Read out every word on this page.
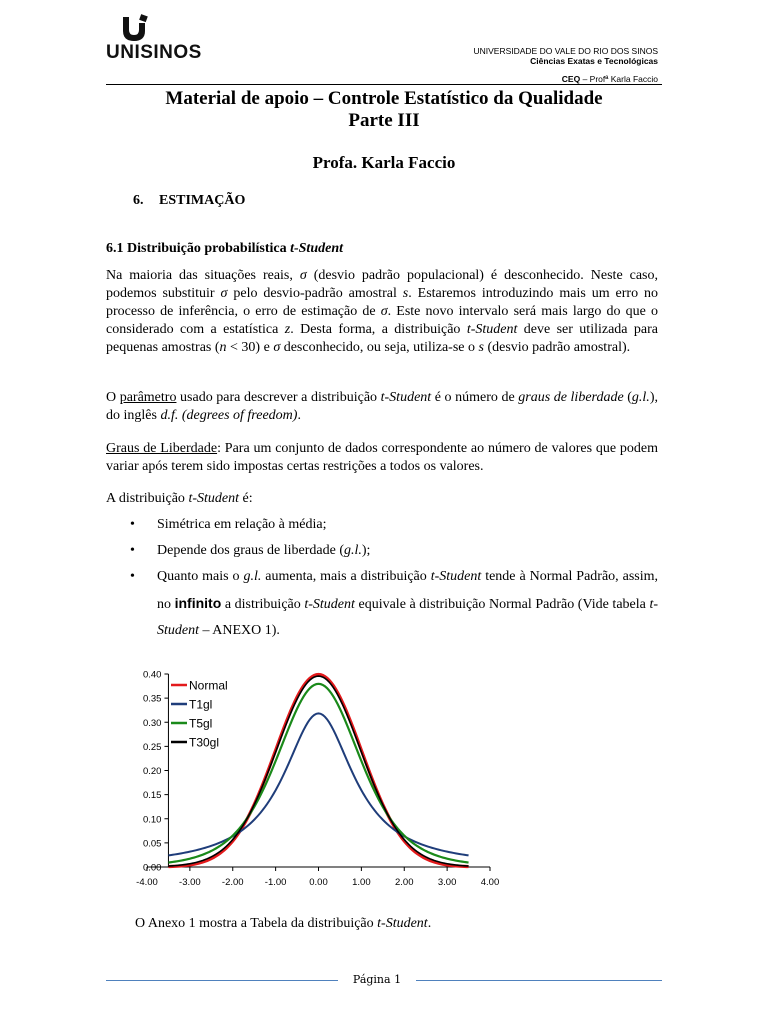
UNISINOS	UNIVERSIDADE DO VALE DO RIO DOS SINOS
Ciências Exatas e Tecnológicas
CEQ – Profª Karla Faccio
Material de apoio – Controle Estatístico da Qualidade
Parte III
Profa. Karla Faccio
6. ESTIMAÇÃO
6.1 Distribuição probabilística t-Student
Na maioria das situações reais, σ (desvio padrão populacional) é desconhecido. Neste caso, podemos substituir σ pelo desvio-padrão amostral s. Estaremos introduzindo mais um erro no processo de inferência, o erro de estimação de σ. Este novo intervalo será mais largo do que o considerado com a estatística z. Desta forma, a distribuição t-Student deve ser utilizada para pequenas amostras (n < 30) e σ desconhecido, ou seja, utiliza-se o s (desvio padrão amostral).
O parâmetro usado para descrever a distribuição t-Student é o número de graus de liberdade (g.l.), do inglês d.f. (degrees of freedom).
Graus de Liberdade: Para um conjunto de dados correspondente ao número de valores que podem variar após terem sido impostas certas restrições a todos os valores.
A distribuição t-Student é:
• Simétrica em relação à média;
• Depende dos graus de liberdade (g.l.);
• Quanto mais o g.l. aumenta, mais a distribuição t-Student tende à Normal Padrão, assim, no infinito a distribuição t-Student equivale à distribuição Normal Padrão (Vide tabela t-Student – ANEXO 1).
0.00
0.05
0.10
0.15
0.20
0.25
0.30
0.35
0.40
-4.00 -3.00 -2.00 -1.00 0.00	1.00	2.00	3.00	4.00
Normal
T1gl
T5gl
T30gl
O Anexo 1 mostra a Tabela da distribuição t-Student.
Página 1
